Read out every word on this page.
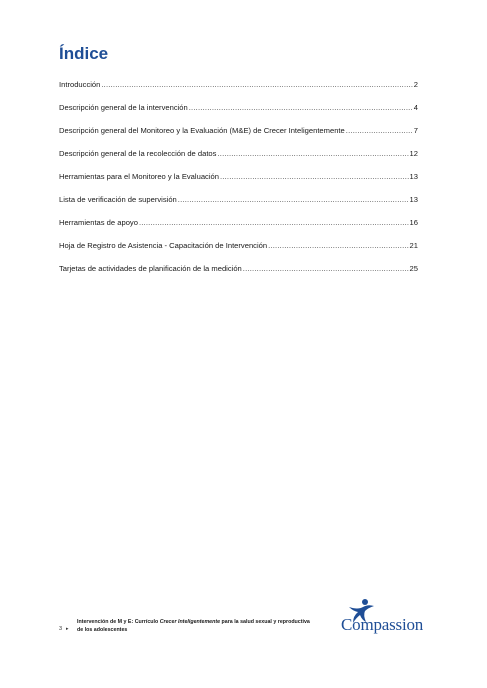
Índice
Introducción .....	2
Descripción general de la intervención .....	4
Descripción general del Monitoreo y la Evaluación (M&E) de Crecer Inteligentemente .....	7
Descripción general de la recolección de datos .....	12
Herramientas para el Monitoreo y la Evaluación .....	13
Lista de verificación de supervisión .....	13
Herramientas de apoyo .....	16
Hoja de Registro de Asistencia - Capacitación de Intervención .....	21
Tarjetas de actividades de planificación de la medición .....	25
3 ▸
Intervención de M y E: Currículo Crecer Inteligentemente para la salud sexual y reproductiva
de los adolescentes	Compassion
